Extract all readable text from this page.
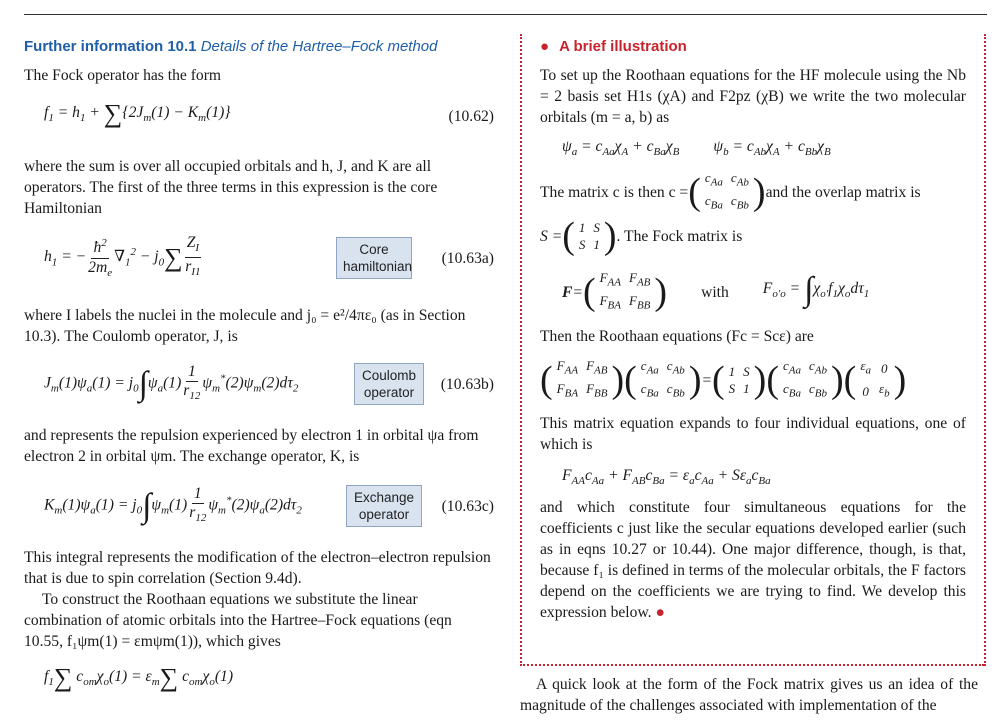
Further information 10.1 Details of the Hartree–Fock method

The Fock operator has the form

$f_1 = h_1 + \sum\{2J_m(1) - K_m(1)\}$	(10.62)

where the sum is over all occupied orbitals and h, J, and K are all operators. The first of the three terms in this expression is the core Hamiltonian

$h_1$ = − $\frac{ħ^2}{2m_e} \nabla_1^2 - j_0\sum \frac{Z_I}{r_{I1}}$	Core hamiltonian (10.63a)

where I labels the nuclei in the molecule and j₀ = e²/4πε₀ (as in Section 10.3). The Coulomb operator, J, is

$J_m(1)\psi_a(1) = j_0\int\psi_a(1) \frac{1}{r_{12}} \psi_m^*(2)\psi_m(2)d\tau_2$
Coulomb operator	(10.63b)

and represents the repulsion experienced by electron 1 in orbital ψa from electron 2 in orbital ψm. The exchange operator, K, is

$K_m(1)\psi_a(1) = j_0\int\psi_m(1) \frac{1}{r_{12}} \psi_m^*(2)\psi_a(2)d\tau_2$
Exchange operator	(10.63c)

This integral represents the modification of the electron–electron repulsion that is due to spin correlation (Section 9.4d).

To construct the Roothaan equations we substitute the linear combination of atomic orbitals into the Hartree–Fock equations (eqn 10.55, f₁ψm(1) = εmψm(1)), which gives

$f_1\sum$ $c_{om}\chi_o(1) = \varepsilon_m\sum$ $c_{om}\chi_o(1)$
● A brief illustration

To set up the Roothaan equations for the HF molecule using the Nb = 2 basis set H1s (χA) and F2pz (χB) we write the two molecular orbitals (m = a, b) as

$\psi_a = c_{Aa}\chi_A + c_{Ba}\chi_B$ $\psi_b = c_{Ab}\chi_A + c_{Bb}\chi_B$
The matrix c is then c = ( $c_{Aa}$	$c_{Ab}$
$c_{Ba}$	$c_{Bb}$ ) and the overlap matrix is
S = ( 1	S
S	1 ) . The Fock matrix is
F = ( $F_{AA}$	$F_{AB}$
$F_{BA}$	$F_{BB}$ ) with $F_{o'o} = \int\chi_{o'}f_1\chi_od\tau_1$

Then the Roothaan equations (Fc = Scε) are

( $F_{AA}$	$F_{AB}$
$F_{BA}$	$F_{BB}$ ) ( $c_{Aa}$	$c_{Ab}$
$c_{Ba}$	$c_{Bb}$ ) = ( 1	S
S	1 ) ( $c_{Aa}$	$c_{Ab}$
$c_{Ba}$	$c_{Bb}$ ) ( $\varepsilon_a$	0
0	$\varepsilon_b$ )

This matrix equation expands to four individual equations, one of which is

$F_{AA}c_{Aa} + F_{AB}c_{Ba} = \varepsilon_ac_{Aa} + S\varepsilon_ac_{Ba}$

and which constitute four simultaneous equations for the coefficients c just like the secular equations developed earlier (such as in eqns 10.27 or 10.44). One major difference, though, is that, because f₁ is defined in terms of the molecular orbitals, the F factors depend on the coefficients we are trying to find. We develop this expression below. ●

A quick look at the form of the Fock matrix gives us an idea of the magnitude of the challenges associated with implementation of the
